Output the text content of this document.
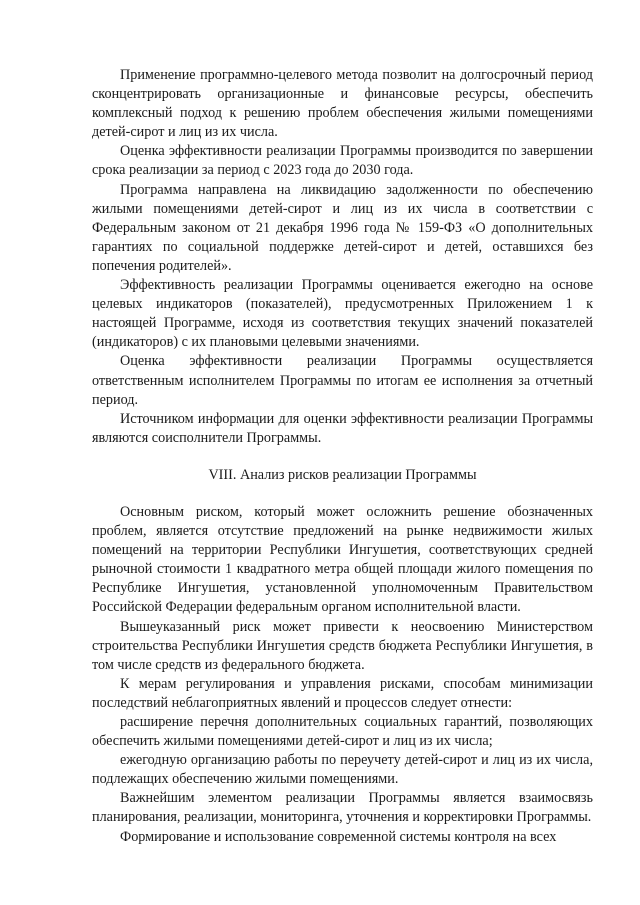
Применение программно-целевого метода позволит на долгосрочный период сконцентрировать организационные и финансовые ресурсы, обеспечить комплексный подход к решению проблем обеспечения жилыми помещениями детей-сирот и лиц из их числа.

Оценка эффективности реализации Программы производится по завершении срока реализации за период с 2023 года до 2030 года.

Программа направлена на ликвидацию задолженности по обеспечению жилыми помещениями детей-сирот и лиц из их числа в соответствии с Федеральным законом от 21 декабря 1996 года № 159-ФЗ «О дополнительных гарантиях по социальной поддержке детей-сирот и детей, оставшихся без попечения родителей».

Эффективность реализации Программы оценивается ежегодно на основе целевых индикаторов (показателей), предусмотренных Приложением 1 к настоящей Программе, исходя из соответствия текущих значений показателей (индикаторов) с их плановыми целевыми значениями.

Оценка эффективности реализации Программы осуществляется ответственным исполнителем Программы по итогам ее исполнения за отчетный период.

Источником информации для оценки эффективности реализации Программы являются соисполнители Программы.

VIII. Анализ рисков реализации Программы

Основным риском, который может осложнить решение обозначенных проблем, является отсутствие предложений на рынке недвижимости жилых помещений на территории Республики Ингушетия, соответствующих средней рыночной стоимости 1 квадратного метра общей площади жилого помещения по Республике Ингушетия, установленной уполномоченным Правительством Российской Федерации федеральным органом исполнительной власти.

Вышеуказанный риск может привести к неосвоению Министерством строительства Республики Ингушетия средств бюджета Республики Ингушетия, в том числе средств из федерального бюджета.

К мерам регулирования и управления рисками, способам минимизации последствий неблагоприятных явлений и процессов следует отнести:

расширение перечня дополнительных социальных гарантий, позволяющих обеспечить жилыми помещениями детей-сирот и лиц из их числа;

ежегодную организацию работы по переучету детей-сирот и лиц из их числа, подлежащих обеспечению жилыми помещениями.

Важнейшим элементом реализации Программы является взаимосвязь планирования, реализации, мониторинга, уточнения и корректировки Программы.

Формирование и использование современной системы контроля на всех
